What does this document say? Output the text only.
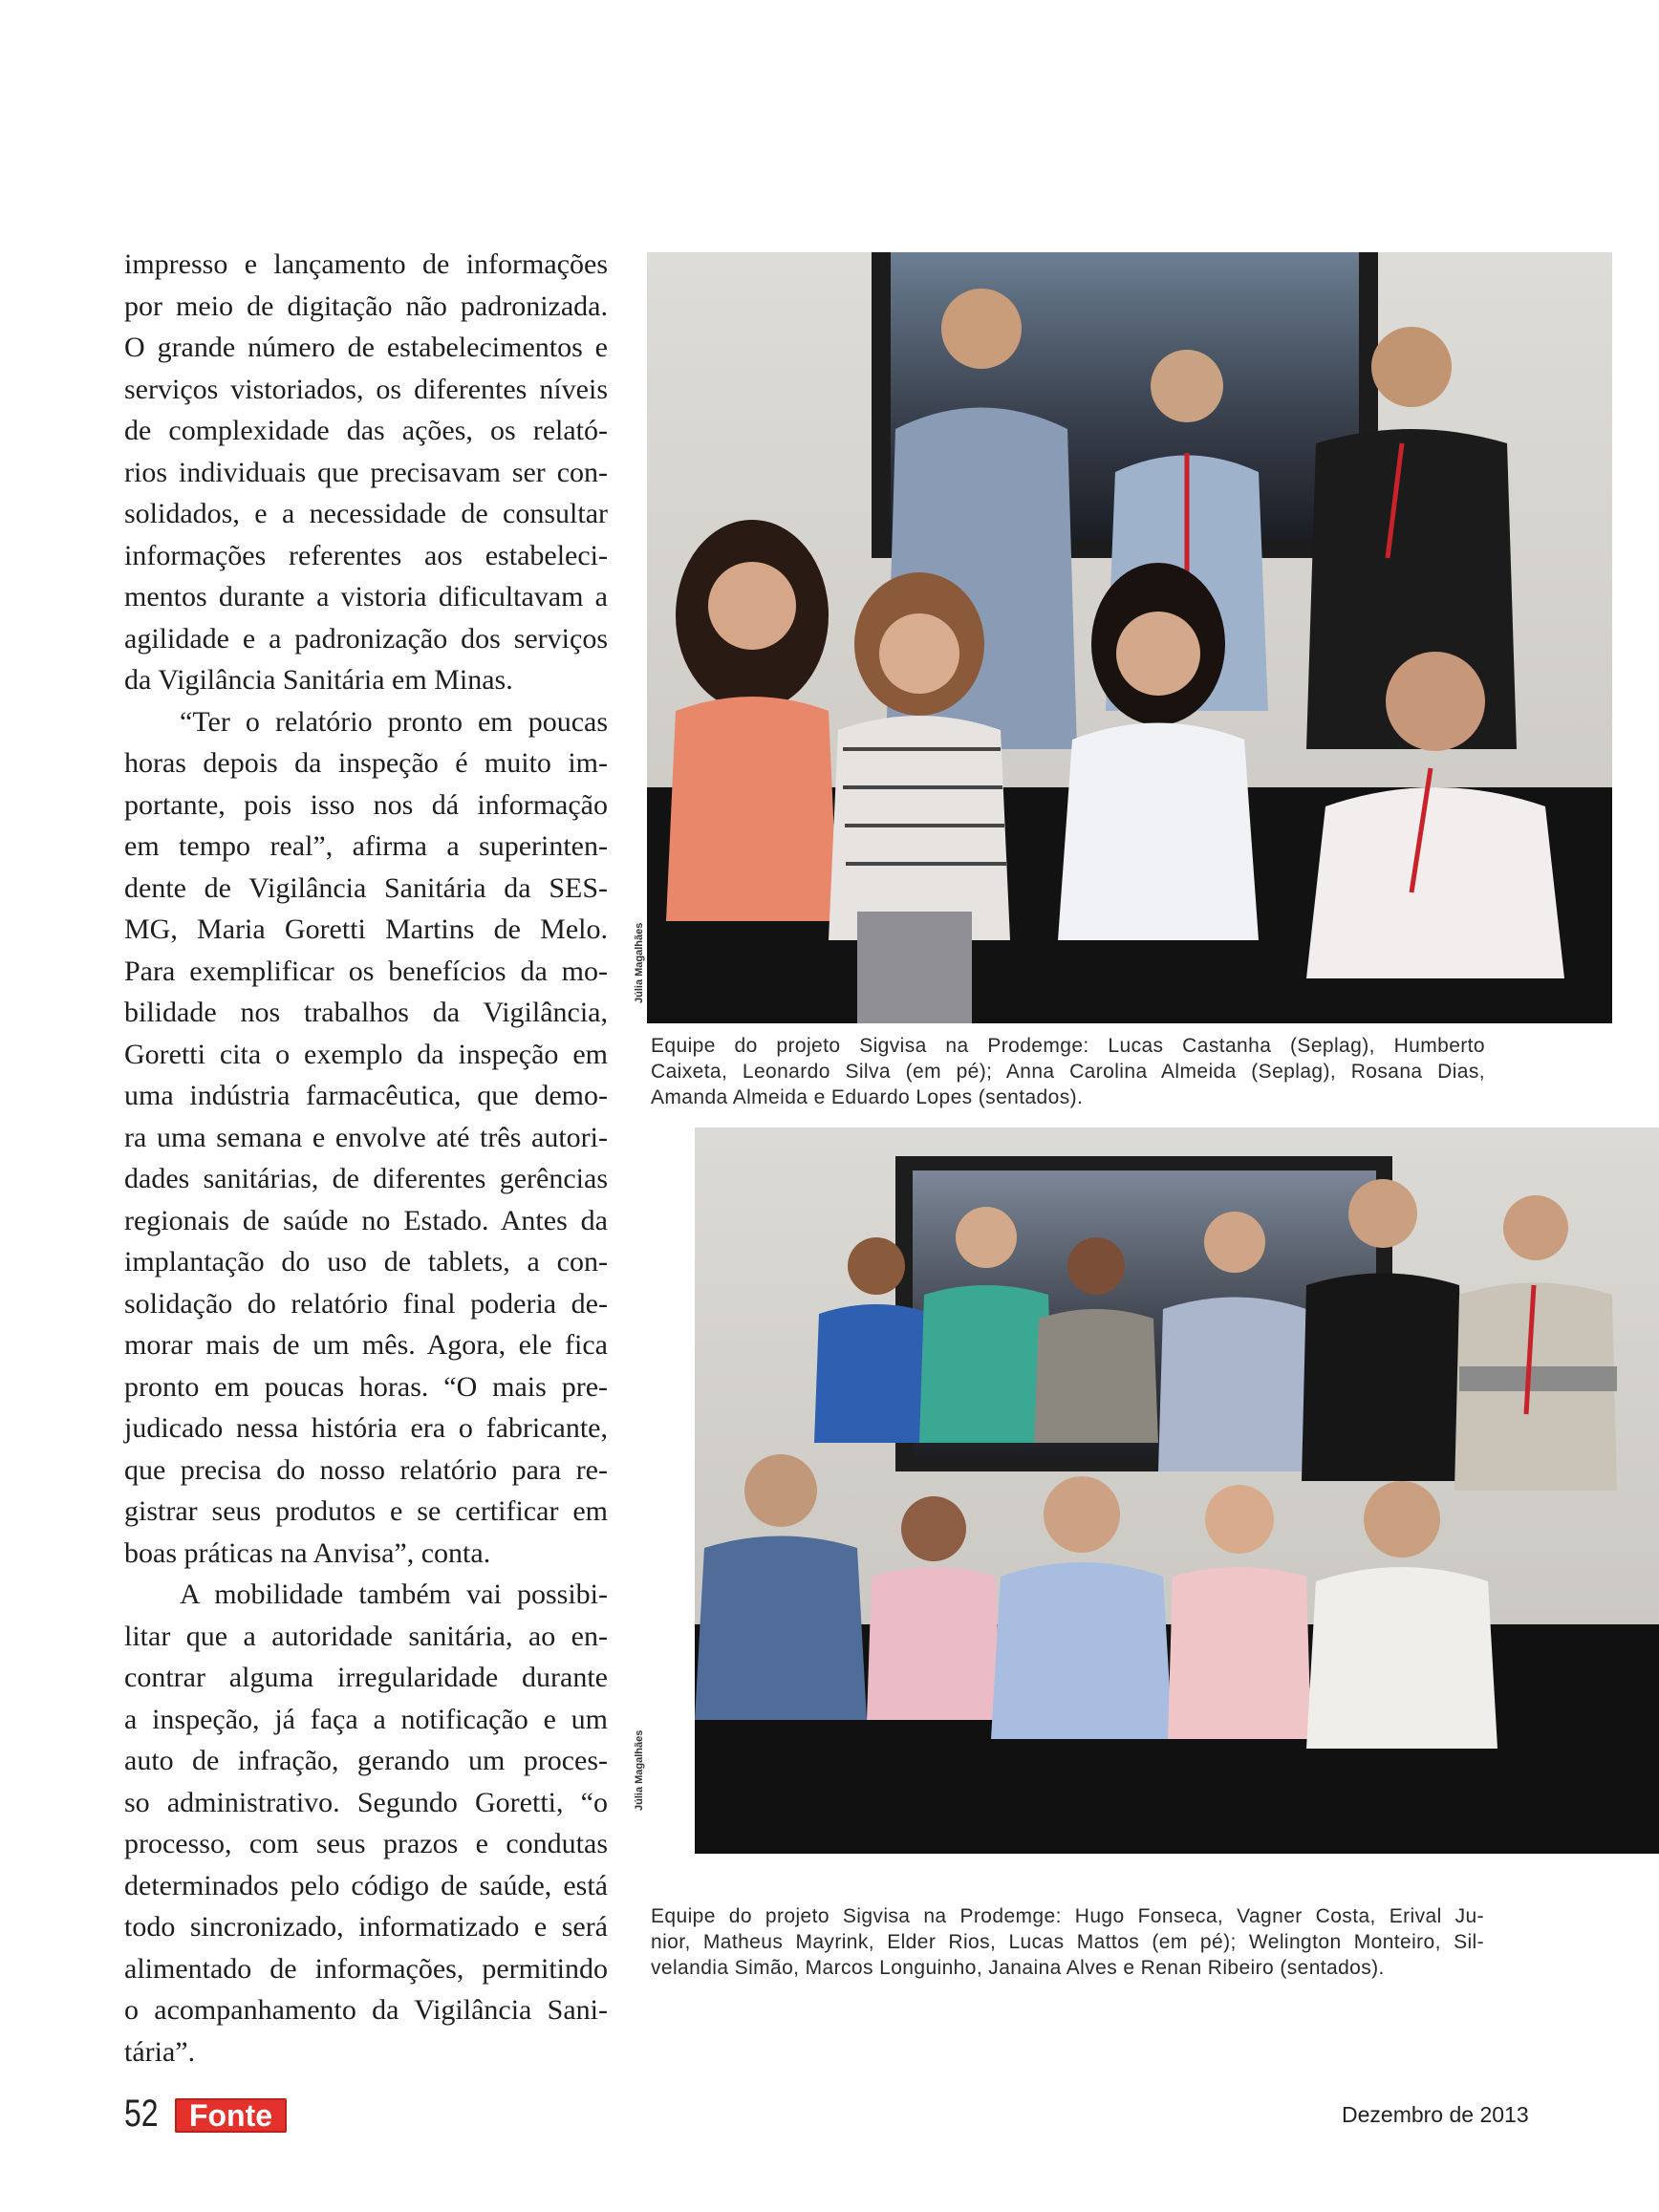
impresso e lançamento de informações
por meio de digitação não padronizada.
O grande número de estabelecimentos e
serviços vistoriados, os diferentes níveis
de complexidade das ações, os relató-
rios individuais que precisavam ser con-
solidados, e a necessidade de consultar
informações referentes aos estabeleci-
mentos durante a vistoria dificultavam a
agilidade e a padronização dos serviços
da Vigilância Sanitária em Minas.

“Ter o relatório pronto em poucas
horas depois da inspeção é muito im-
portante, pois isso nos dá informação
em tempo real”, afirma a superinten-
dente de Vigilância Sanitária da SES-
MG, Maria Goretti Martins de Melo.
Para exemplificar os benefícios da mo-
bilidade nos trabalhos da Vigilância,
Goretti cita o exemplo da inspeção em
uma indústria farmacêutica, que demo-
ra uma semana e envolve até três autori-
dades sanitárias, de diferentes gerências
regionais de saúde no Estado. Antes da
implantação do uso de tablets, a con-
solidação do relatório final poderia de-
morar mais de um mês. Agora, ele fica
pronto em poucas horas. “O mais pre-
judicado nessa história era o fabricante,
que precisa do nosso relatório para re-
gistrar seus produtos e se certificar em
boas práticas na Anvisa”, conta.

A mobilidade também vai possibi-
litar que a autoridade sanitária, ao en-
contrar alguma irregularidade durante
a inspeção, já faça a notificação e um
auto de infração, gerando um proces-
so administrativo. Segundo Goretti, “o
processo, com seus prazos e condutas
determinados pelo código de saúde, está
todo sincronizado, informatizado e será
alimentado de informações, permitindo
o acompanhamento da Vigilância Sani-
tária”.

Júlia Magalhães
Equipe do projeto Sigvisa na Prodemge: Lucas Castanha (Seplag), Humberto
Caixeta, Leonardo Silva (em pé); Anna Carolina Almeida (Seplag), Rosana Dias,
Amanda Almeida e Eduardo Lopes (sentados).
Júlia Magalhães
Equipe do projeto Sigvisa na Prodemge: Hugo Fonseca, Vagner Costa, Erival Ju-
nior, Matheus Mayrink, Elder Rios, Lucas Mattos (em pé); Welington Monteiro, Sil-
velandia Simão, Marcos Longuinho, Janaina Alves e Renan Ribeiro (sentados).
52	Fonte	Dezembro de 2013
